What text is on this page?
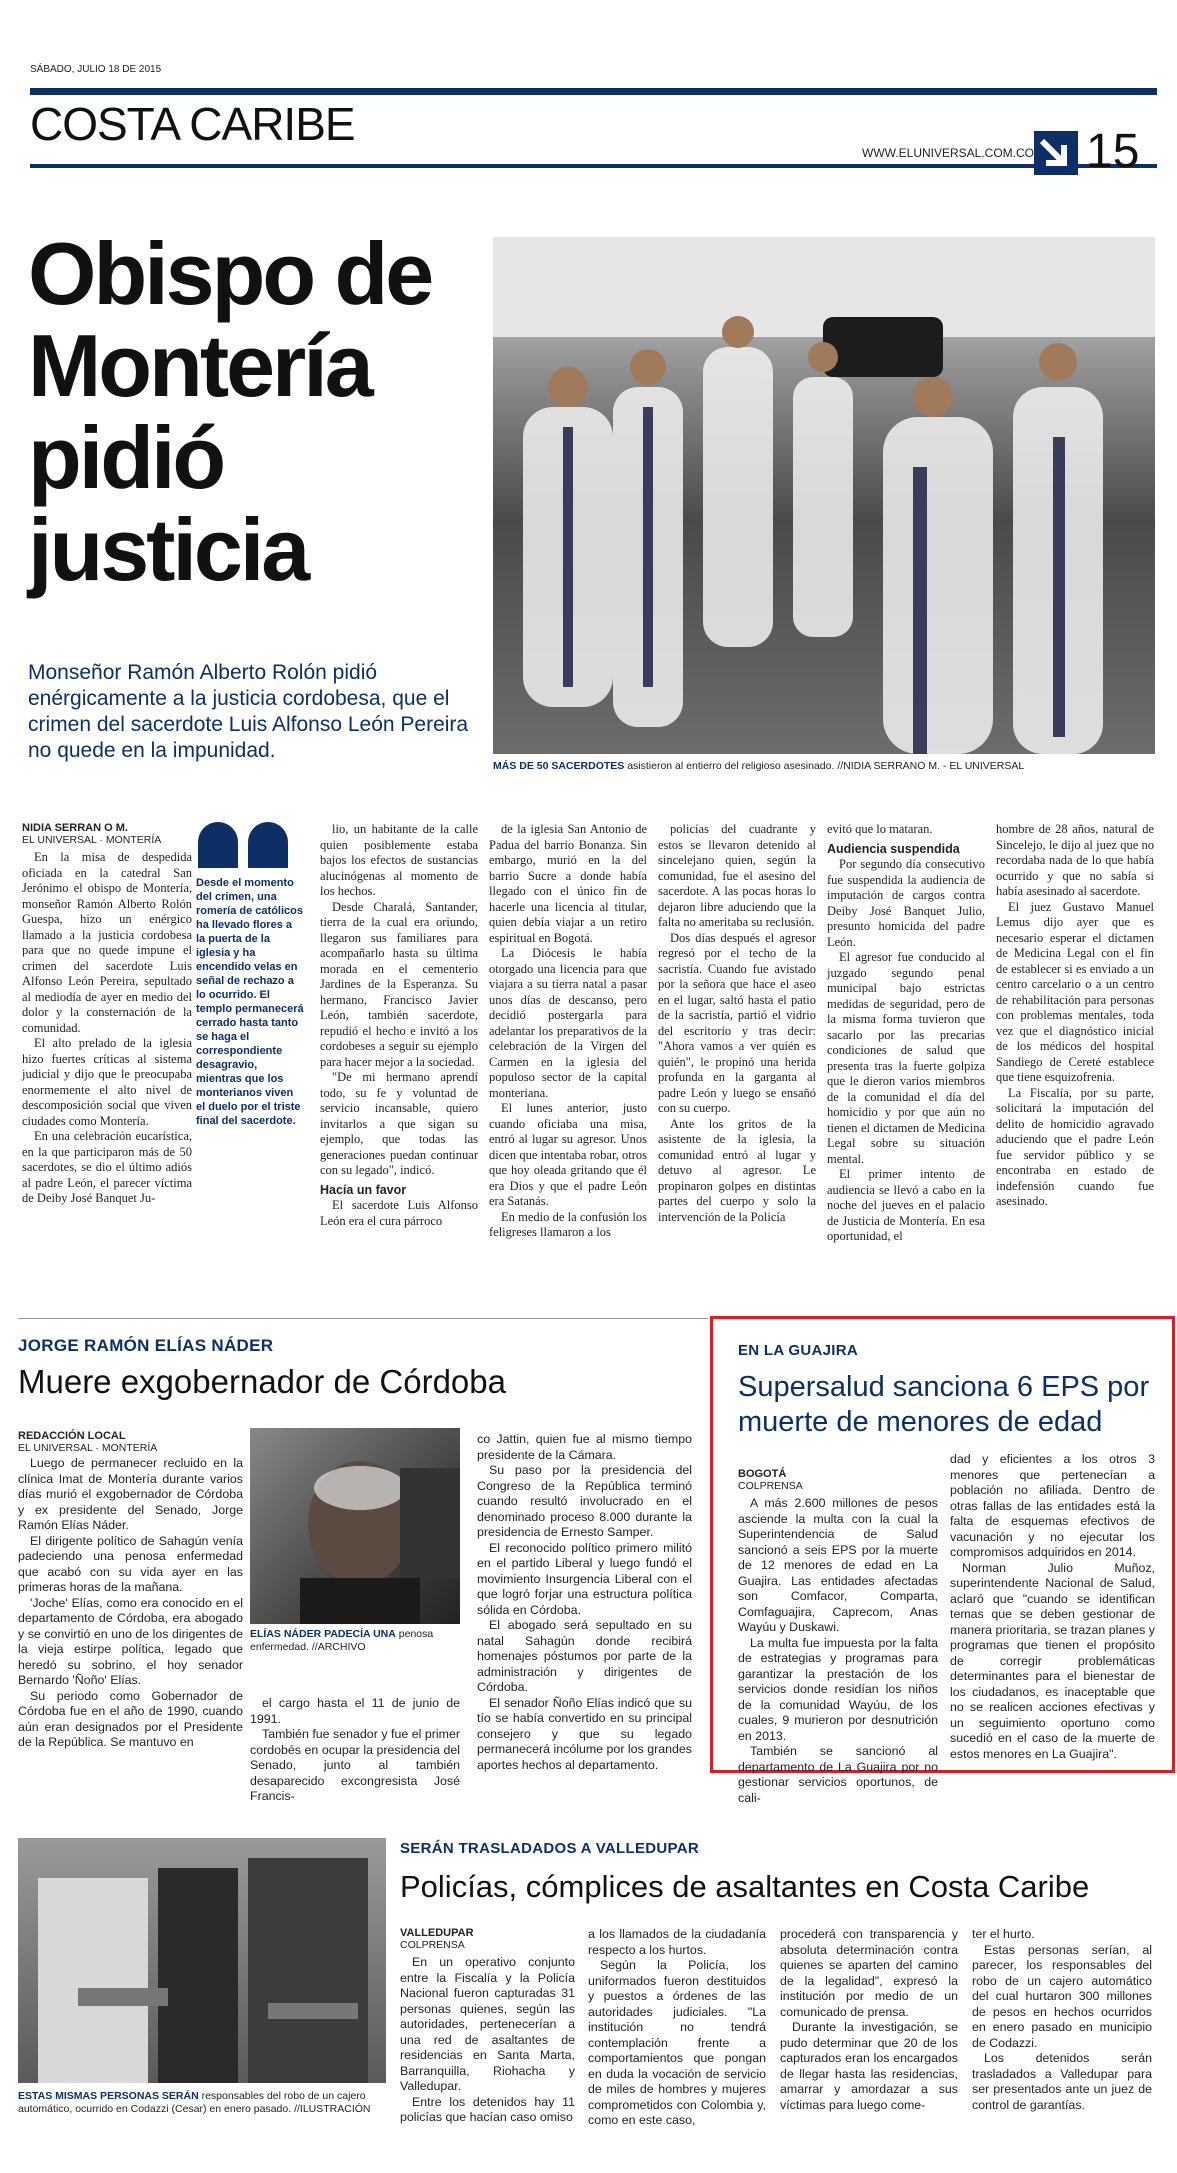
SÁBADO, JULIO 18 DE 2015
COSTA CARIBE
WWW.ELUNIVERSAL.COM.CO 15
Obispo de
Montería
pidió
justicia
Monseñor Ramón Alberto Rolón pidió enérgicamente a la justicia cordobesa, que el crimen del sacerdote Luis Alfonso León Pereira no quede en la impunidad.
MÁS DE 50 SACERDOTES asistieron al entierro del religioso asesinado. //NIDIA SERRANO M. - EL UNIVERSAL
NIDIA SERRAN O M.
EL UNIVERSAL · MONTERÍA

En la misa de despedida oficiada en la catedral San Jerónimo el obispo de Montería, monseñor Ramón Alberto Rolón Guespa, hizo un enérgico llamado a la justicia cordobesa para que no quede impune el crimen del sacerdote Luis Alfonso León Pereira, sepultado al mediodía de ayer en medio del dolor y la consternación de la comunidad.

El alto prelado de la iglesia hizo fuertes críticas al sistema judicial y dijo que le preocupaba enormemente el alto nivel de descomposición social que viven ciudades como Montería.

En una celebración eucarística, en la que participaron más de 50 sacerdotes, se dio el último adiós al padre León, el parecer víctima de Deiby José Banquet Ju-

Desde el momento del crimen, una romería de católicos ha llevado flores a la puerta de la iglesia y ha encendido velas en señal de rechazo a lo ocurrido. El templo permanecerá cerrado hasta tanto se haga el correspondiente desagravio, mientras que los monterianos viven el duelo por el triste final del sacerdote.

lio, un habitante de la calle quien posiblemente estaba bajos los efectos de sustancias alucinógenas al momento de los hechos.

Desde Charalá, Santander, tierra de la cual era oriundo, llegaron sus familiares para acompañarlo hasta su última morada en el cementerio Jardines de la Esperanza. Su hermano, Francisco Javier León, también sacerdote, repudió el hecho e invitó a los cordobeses a seguir su ejemplo para hacer mejor a la sociedad.

"De mi hermano aprendí todo, su fe y voluntad de servicio incansable, quiero invitarlos a que sigan su ejemplo, que todas las generaciones puedan continuar con su legado", indicó.

Hacía un favor

El sacerdote Luis Alfonso León era el cura párroco

de la iglesia San Antonio de Padua del barrio Bonanza. Sin embargo, murió en la del barrio Sucre a donde había llegado con el único fin de hacerle una licencia al titular, quien debía viajar a un retiro espiritual en Bogotá.

La Diócesis le había otorgado una licencia para que viajara a su tierra natal a pasar unos días de descanso, pero decidió postergarla para adelantar los preparativos de la celebración de la Virgen del Carmen en la iglesia del populoso sector de la capital monteriana.

El lunes anterior, justo cuando oficiaba una misa, entró al lugar su agresor. Unos dicen que intentaba robar, otros que hoy oleada gritando que él era Dios y que el padre León era Satanás.

En medio de la confusión los feligreses llamaron a los

policías del cuadrante y estos se llevaron detenido al sincelejano quien, según la comunidad, fue el asesino del sacerdote. A las pocas horas lo dejaron libre aduciendo que la falta no ameritaba su reclusión.

Dos días después el agresor regresó por el techo de la sacristía. Cuando fue avistado por la señora que hace el aseo en el lugar, saltó hasta el patio de la sacristía, partió el vidrio del escritorio y tras decir: "Ahora vamos a ver quién es quién", le propinó una herida profunda en la garganta al padre León y luego se ensañó con su cuerpo.

Ante los gritos de la asistente de la iglesia, la comunidad entró al lugar y detuvo al agresor. Le propinaron golpes en distintas partes del cuerpo y solo la intervención de la Policía

evitó que lo mataran.

Audiencia suspendida

Por segundo día consecutivo fue suspendida la audiencia de imputación de cargos contra Deiby José Banquet Julio, presunto homicida del padre León.

El agresor fue conducido al juzgado segundo penal municipal bajo estrictas medidas de seguridad, pero de la misma forma tuvieron que sacarlo por las precarias condiciones de salud que presenta tras la fuerte golpiza que le dieron varios miembros de la comunidad el día del homicidio y por que aún no tienen el dictamen de Medicina Legal sobre su situación mental.

El primer intento de audiencia se llevó a cabo en la noche del jueves en el palacio de Justicia de Montería. En esa oportunidad, el

hombre de 28 años, natural de Sincelejo, le dijo al juez que no recordaba nada de lo que había ocurrido y que no sabía si había asesinado al sacerdote.

El juez Gustavo Manuel Lemus dijo ayer que es necesario esperar el dictamen de Medicina Legal con el fin de establecer si es enviado a un centro carcelario o a un centro de rehabilitación para personas con problemas mentales, toda vez que el diagnóstico inicial de los médicos del hospital Sandiego de Cereté establece que tiene esquizofrenia.

La Fiscalía, por su parte, solicitará la imputación del delito de homicidio agravado aduciendo que el padre León fue servidor público y se encontraba en estado de indefensión cuando fue asesinado.

JORGE RAMÓN ELÍAS NÁDER
Muere exgobernador de Córdoba
REDACCIÓN LOCAL
EL UNIVERSAL · MONTERÍA

Luego de permanecer recluido en la clínica Imat de Montería durante varios días murió el exgobernador de Córdoba y ex presidente del Senado, Jorge Ramón Elías Náder.

El dirigente político de Sahagún venía padeciendo una penosa enfermedad que acabó con su vida ayer en las primeras horas de la mañana.

'Joche' Elías, como era conocido en el departamento de Córdoba, era abogado y se convirtió en uno de los dirigentes de la vieja estirpe política, legado que heredó su sobrino, el hoy senador Bernardo 'Ñoño' Elías.

Su periodo como Gobernador de Córdoba fue en el año de 1990, cuando aún eran designados por el Presidente de la República. Se mantuvo en

ELÍAS NÁDER PADECÍA UNA penosa enfermedad. //ARCHIVO

el cargo hasta el 11 de junio de 1991.

También fue senador y fue el primer cordobés en ocupar la presidencia del Senado, junto al también desaparecido excongresista José Francis-

co Jattin, quien fue al mismo tiempo presidente de la Cámara.

Su paso por la presidencia del Congreso de la República terminó cuando resultó involucrado en el denominado proceso 8.000 durante la presidencia de Ernesto Samper.

El reconocido político primero militó en el partido Liberal y luego fundó el movimiento Insurgencia Liberal con el que logró forjar una estructura política sólida en Córdoba.

El abogado será sepultado en su natal Sahagún donde recibirá homenajes póstumos por parte de la administración y dirigentes de Córdoba.

El senador Ñoño Elías indicó que su tío se había convertido en su principal consejero y que su legado permanecerá incólume por los grandes aportes hechos al departamento.

EN LA GUAJIRA
Supersalud sanciona 6 EPS por muerte de menores de edad
BOGOTÁ
COLPRENSA

A más 2.600 millones de pesos asciende la multa con la cual la Superintendencia de Salud sancionó a seis EPS por la muerte de 12 menores de edad en La Guajira. Las entidades afectadas son Comfacor, Comparta, Comfaguajira, Caprecom, Anas Wayúu y Duskawi.

La multa fue impuesta por la falta de estrategias y programas para garantizar la prestación de los servicios donde residían los niños de la comunidad Wayúu, de los cuales, 9 murieron por desnutrición en 2013.

También se sancionó al departamento de La Guajira por no gestionar servicios oportunos, de cali-

dad y eficientes a los otros 3 menores que pertenecían a población no afiliada. Dentro de otras fallas de las entidades está la falta de esquemas efectivos de vacunación y no ejecutar los compromisos adquiridos en 2014.

Norman Julio Muñoz, superintendente Nacional de Salud, aclaró que "cuando se identifican temas que se deben gestionar de manera prioritaria, se trazan planes y programas que tienen el propósito de corregir problemáticas determinantes para el bienestar de los ciudadanos, es inaceptable que no se realicen acciones efectivas y un seguimiento oportuno como sucedió en el caso de la muerte de estos menores en La Guajira".

ESTAS MISMAS PERSONAS SERÁN responsables del robo de un cajero automático, ocurrido en Codazzi (Cesar) en enero pasado. //ILUSTRACIÓN
SERÁN TRASLADADOS A VALLEDUPAR
Policías, cómplices de asaltantes en Costa Caribe
VALLEDUPAR
COLPRENSA

En un operativo conjunto entre la Fiscalía y la Policía Nacional fueron capturadas 31 personas quienes, según las autoridades, pertenecerían a una red de asaltantes de residencias en Santa Marta, Barranquilla, Riohacha y Valledupar.

Entre los detenidos hay 11 policías que hacían caso omiso

a los llamados de la ciudadanía respecto a los hurtos.

Según la Policía, los uniformados fueron destituidos y puestos a órdenes de las autoridades judiciales. "La institución no tendrá contemplación frente a comportamientos que pongan en duda la vocación de servicio de miles de hombres y mujeres comprometidos con Colombia y, como en este caso,

procederá con transparencia y absoluta determinación contra quienes se aparten del camino de la legalidad", expresó la institución por medio de un comunicado de prensa.

Durante la investigación, se pudo determinar que 20 de los capturados eran los encargados de llegar hasta las residencias, amarrar y amordazar a sus víctimas para luego come-

ter el hurto.

Estas personas serían, al parecer, los responsables del robo de un cajero automático del cual hurtaron 300 millones de pesos en hechos ocurridos en enero pasado en municipio de Codazzi.

Los detenidos serán trasladados a Valledupar para ser presentados ante un juez de control de garantías.
